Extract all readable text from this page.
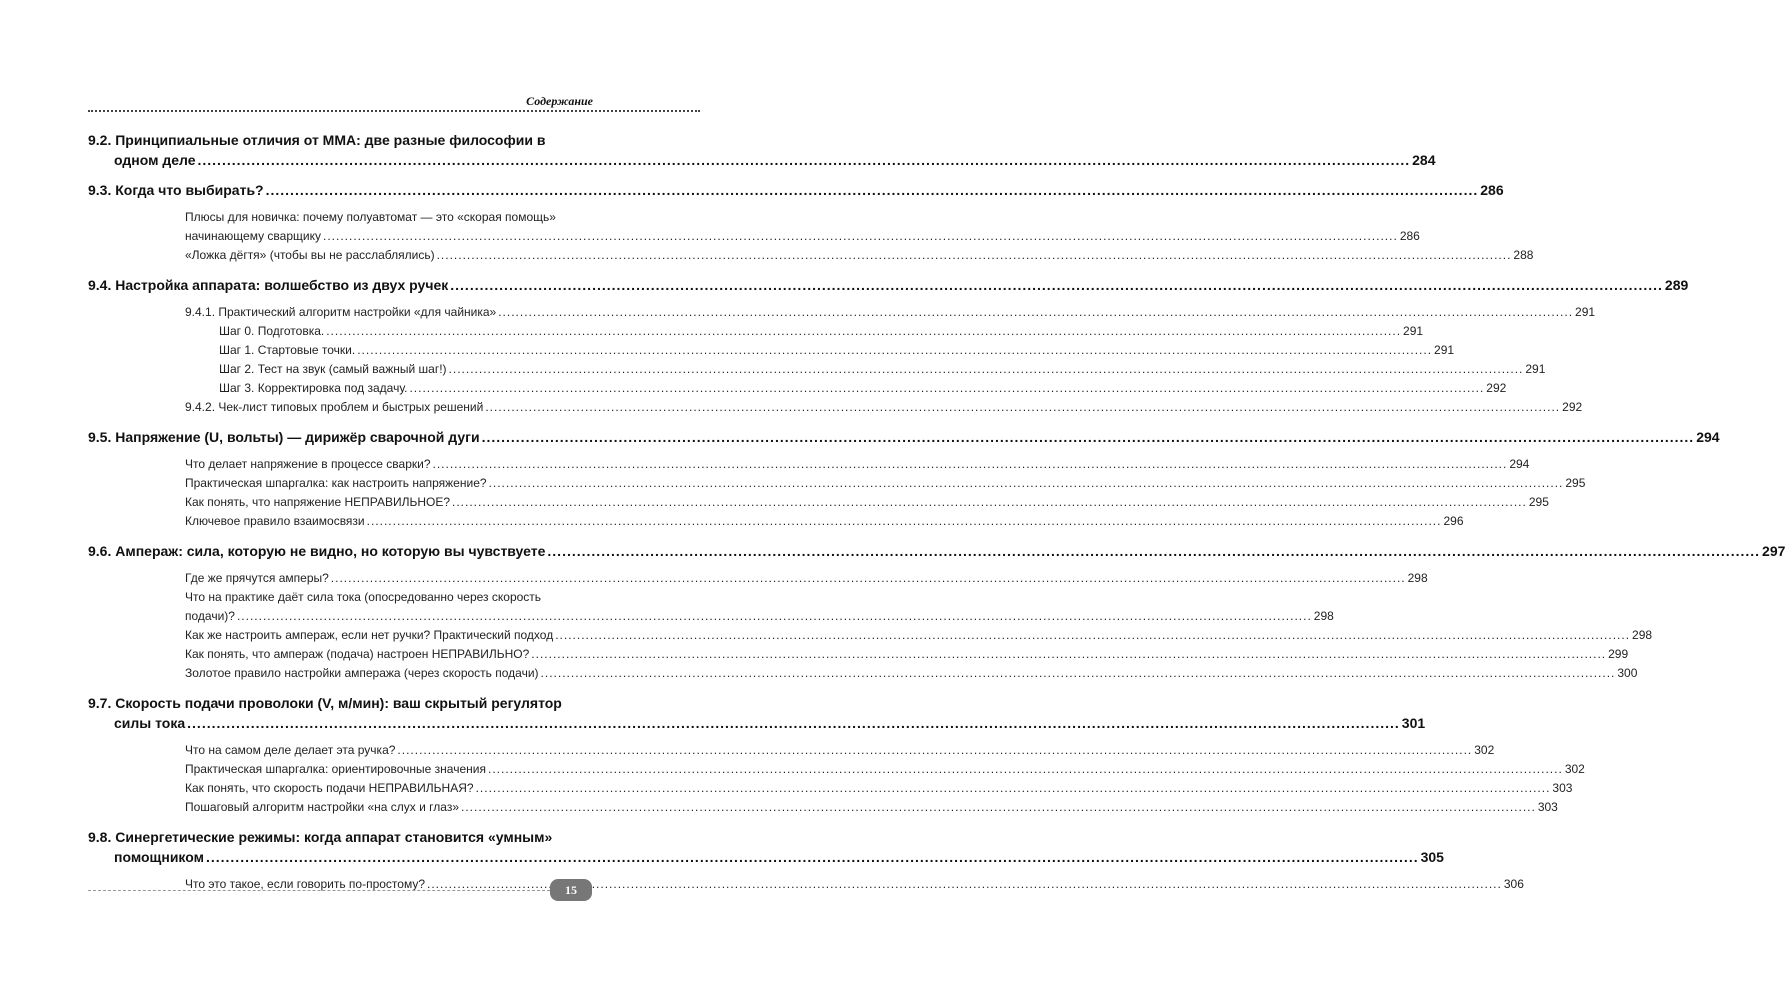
Содержание
9.2. Принципиальные отличия от ММА: две разные философии в
одном деле .....	284
9.3. Когда что выбирать? .....	286
Плюсы для новичка: почему полуавтомат — это «скорая помощь»
начинающему сварщику .....	286
«Ложка дёгтя» (чтобы вы не расслаблялись) .....	288
9.4. Настройка аппарата: волшебство из двух ручек .....	289
9.4.1. Практический алгоритм настройки «для чайника» .....	291
Шаг 0. Подготовка. .....	291
Шаг 1. Стартовые точки. .....	291
Шаг 2. Тест на звук (самый важный шаг!) .....	291
Шаг 3. Корректировка под задачу. .....	292
9.4.2. Чек-лист типовых проблем и быстрых решений .....	292
9.5. Напряжение (U, вольты) — дирижёр сварочной дуги .....	294
Что делает напряжение в процессе сварки? .....	294
Практическая шпаргалка: как настроить напряжение? .....	295
Как понять, что напряжение НЕПРАВИЛЬНОЕ? .....	295
Ключевое правило взаимосвязи .....	296
9.6. Ампераж: сила, которую не видно, но которую вы чувствуете .....	297
Где же прячутся амперы? .....	298
Что на практике даёт сила тока (опосредованно через скорость
подачи)? .....	298
Как же настроить ампераж, если нет ручки? Практический подход .....	298
Как понять, что ампераж (подача) настроен НЕПРАВИЛЬНО? .....	299
Золотое правило настройки ампеража (через скорость подачи) .....	300
9.7. Скорость подачи проволоки (V, м/мин): ваш скрытый регулятор
силы тока .....	301
Что на самом деле делает эта ручка? .....	302
Практическая шпаргалка: ориентировочные значения .....	302
Как понять, что скорость подачи НЕПРАВИЛЬНАЯ? .....	303
Пошаговый алгоритм настройки «на слух и глаз» .....	303
9.8. Синергетические режимы: когда аппарат становится «умным»
помощником .....	305
Что это такое, если говорить по-простому? .....	306
15
